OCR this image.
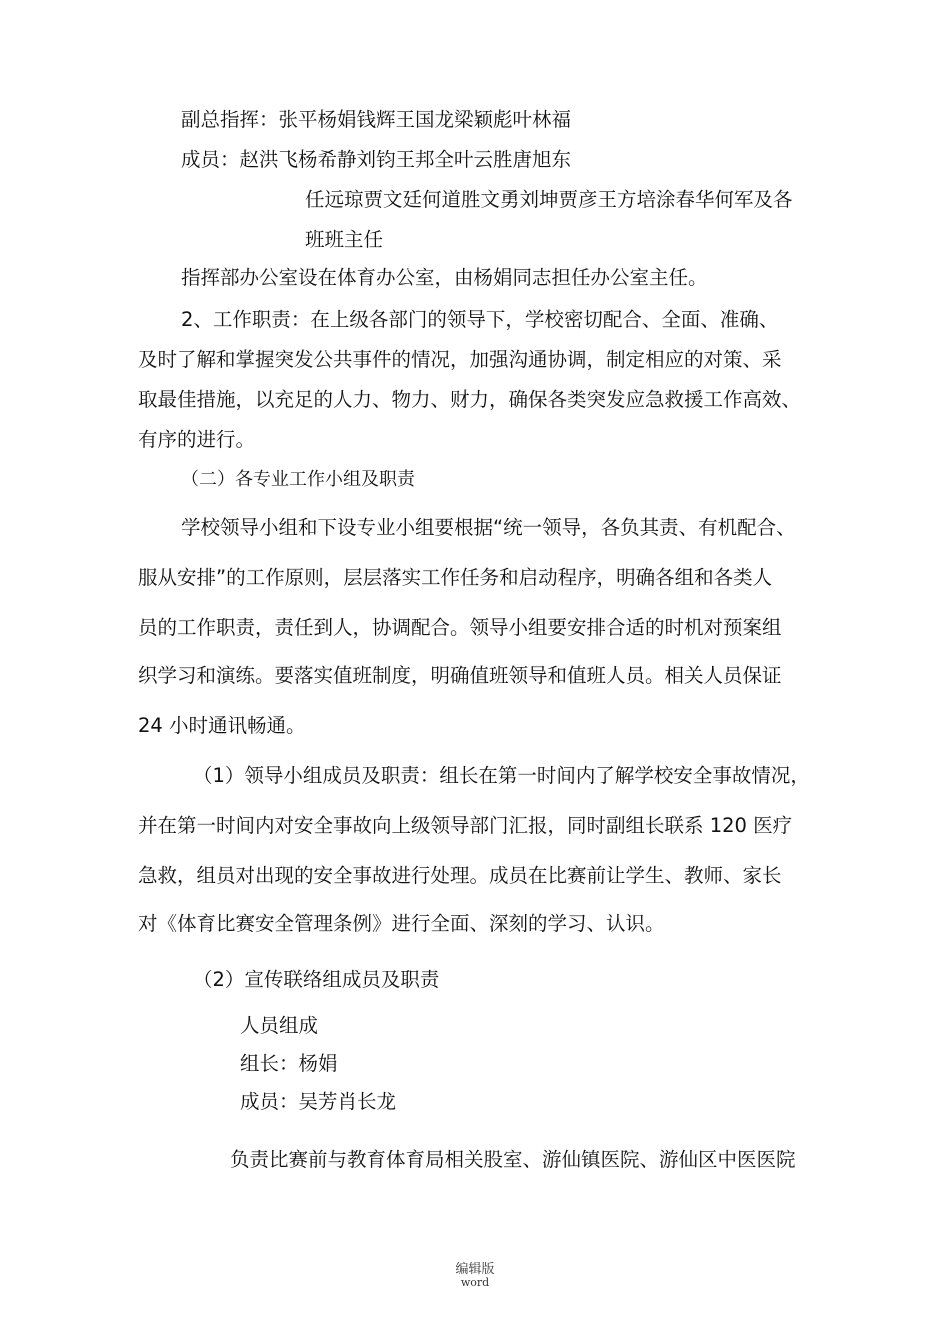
副总指挥：张平杨娟钱辉王国龙梁颖彪叶林福
成员：赵洪飞杨希静刘钧王邦全叶云胜唐旭东
任远琼贾文廷何道胜文勇刘坤贾彦王方培涂春华何军及各
班班主任
指挥部办公室设在体育办公室，由杨娟同志担任办公室主任。
2、工作职责：在上级各部门的领导下，学校密切配合、全面、准确、
及时了解和掌握突发公共事件的情况，加强沟通协调，制定相应的对策、采
取最佳措施，以充足的人力、物力、财力，确保各类突发应急救援工作高效、
有序的进行。
（二）各专业工作小组及职责
学校领导小组和下设专业小组要根据“统一领导，各负其责、有机配合、
服从安排”的工作原则，层层落实工作任务和启动程序，明确各组和各类人
员的工作职责，责任到人，协调配合。领导小组要安排合适的时机对预案组
织学习和演练。要落实值班制度，明确值班领导和值班人员。相关人员保证
24 小时通讯畅通。
（1）领导小组成员及职责：组长在第一时间内了解学校安全事故情况，
并在第一时间内对安全事故向上级领导部门汇报，同时副组长联系 120 医疗
急救，组员对出现的安全事故进行处理。成员在比赛前让学生、教师、家长
对《体育比赛安全管理条例》进行全面、深刻的学习、认识。
（2）宣传联络组成员及职责
人员组成
组长：杨娟
成员：吴芳肖长龙
负责比赛前与教育体育局相关股室、游仙镇医院、游仙区中医医院
编辑版
word
